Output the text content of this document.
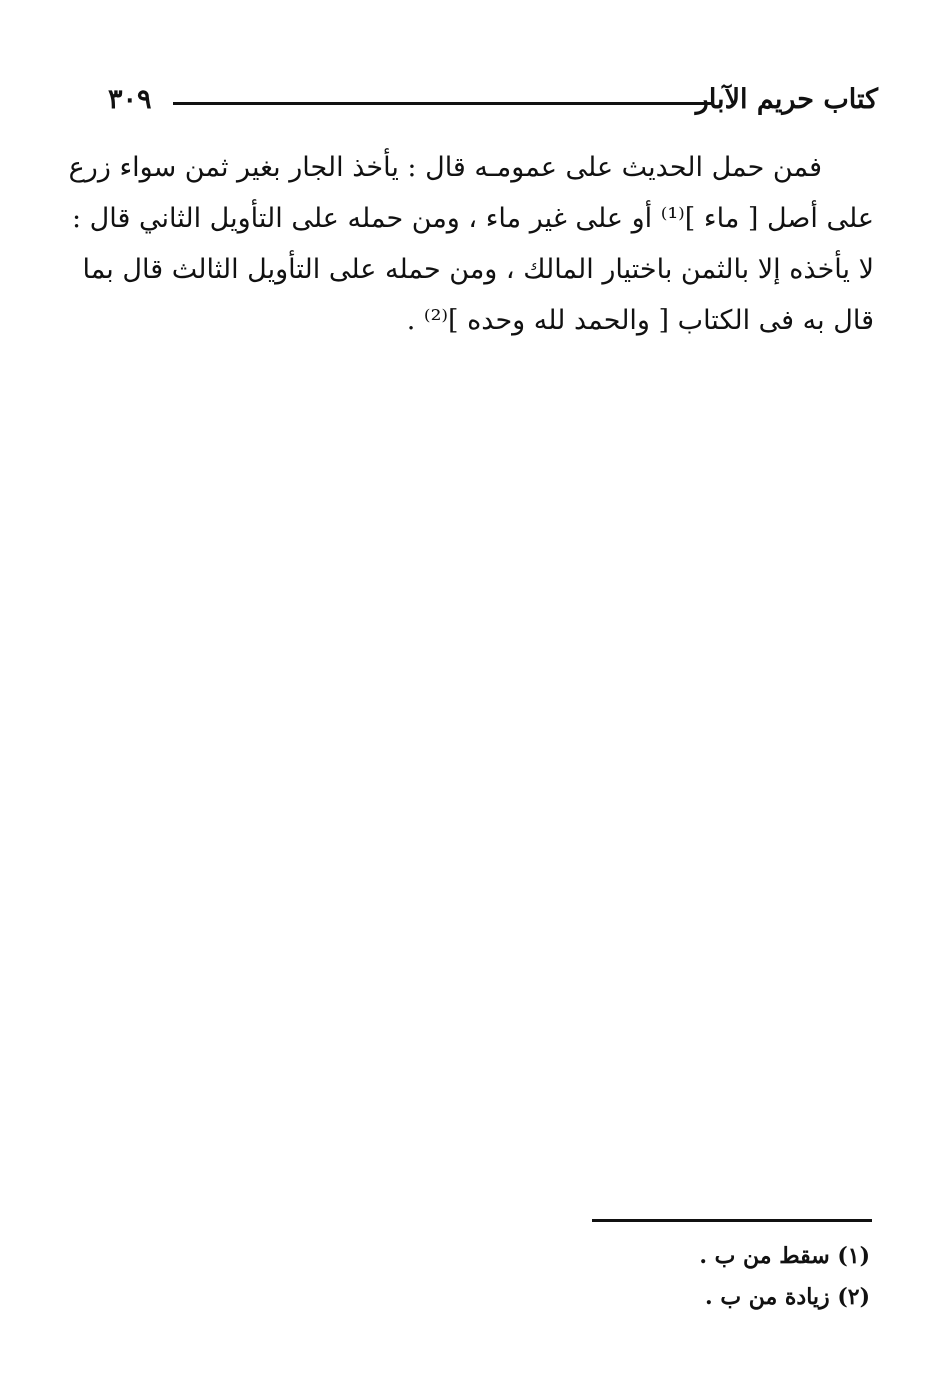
كتاب حريم الآبار
٣٠٩
فمن حمل الحديث على عمومـه قال : يأخذ الجار بغير ثمن سواء زرع
على أصل [ ماء ]⁽¹⁾ أو على غير ماء ، ومن حمله على التأويل الثاني قال :
لا يأخذه إلا بالثمن باختيار المالك ، ومن حمله على التأويل الثالث قال بما
قال به فى الكتاب [ والحمد لله وحده ]⁽²⁾ .
(١) سقط من ب .
(٢) زيادة من ب .
